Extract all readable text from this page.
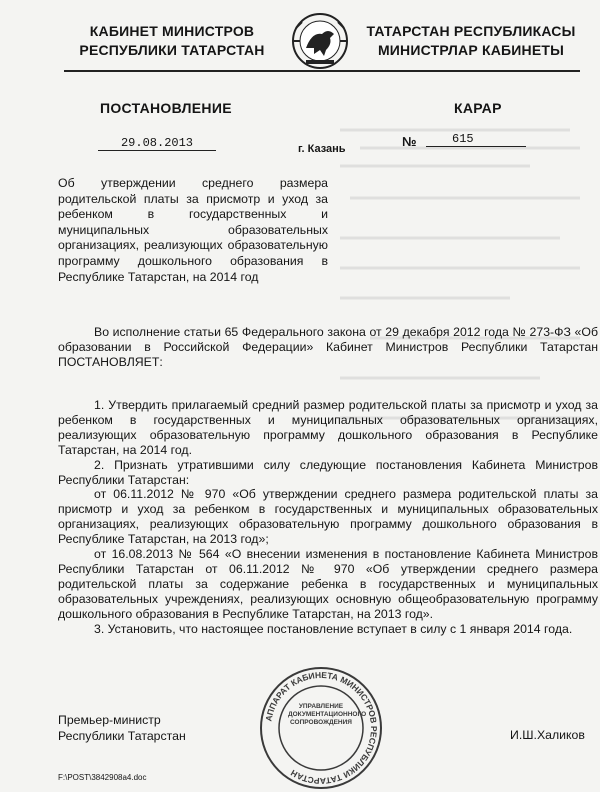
КАБИНЕТ МИНИСТРОВ
РЕСПУБЛИКИ ТАТАРСТАН
ТАТАРСТАН РЕСПУБЛИКАСЫ
МИНИСТРЛАР КАБИНЕТЫ
ПОСТАНОВЛЕНИЕ	КАРАР
29.08.2013	г. Казань	№	615
Об утверждении среднего размера родительской платы за присмотр и уход за ребенком в государственных и муниципальных образовательных организациях, реализующих образовательную программу дошкольного образования в Республике Татарстан, на 2014 год

Во исполнение статьи 65 Федерального закона от 29 декабря 2012 года № 273-ФЗ «Об образовании в Российской Федерации» Кабинет Министров Республики Татарстан ПОСТАНОВЛЯЕТ:

1. Утвердить прилагаемый средний размер родительской платы за присмотр и уход за ребенком в государственных и муниципальных образовательных организациях, реализующих образовательную программу дошкольного образования в Республике Татарстан, на 2014 год.

2. Признать утратившими силу следующие постановления Кабинета Министров Республики Татарстан:

от 06.11.2012 № 970 «Об утверждении среднего размера родительской платы за присмотр и уход за ребенком в государственных и муниципальных образовательных организациях, реализующих образовательную программу дошкольного образования в Республике Татарстан, на 2013 год»;

от 16.08.2013 № 564 «О внесении изменения в постановление Кабинета Министров Республики Татарстан от 06.11.2012 № 970 «Об утверждении среднего размера родительской платы за содержание ребенка в государственных и муниципальных образовательных учреждениях, реализующих основную общеобразовательную программу дошкольного образования в Республике Татарстан, на 2013 год».

3. Установить, что настоящее постановление вступает в силу с 1 января 2014 года.

Премьер-министр
Республики Татарстан
АППАРАТ КАБИНЕТА МИНИСТРОВ РЕСПУБЛИКИ ТАТАРСТАН
УПРАВЛЕНИЕ ДОКУМЕНТАЦИОННОГО СОПРОВОЖДЕНИЯ
И.Ш.Халиков
F:\POST\3842908a4.doc
